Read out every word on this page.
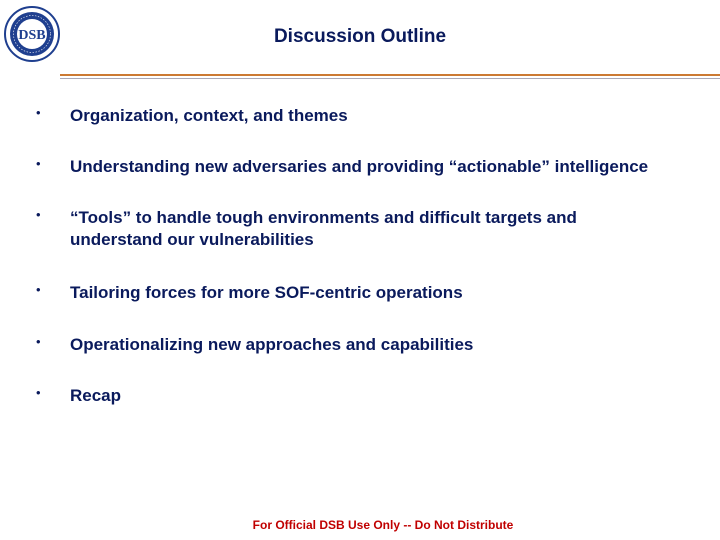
DSB	Discussion Outline
• Organization, context, and themes
• Understanding new adversaries and providing “actionable” intelligence
• “Tools” to handle tough environments and difficult targets and understand our vulnerabilities
• Tailoring forces for more SOF-centric operations
• Operationalizing new approaches and capabilities
• Recap
For Official DSB Use Only -- Do Not Distribute
